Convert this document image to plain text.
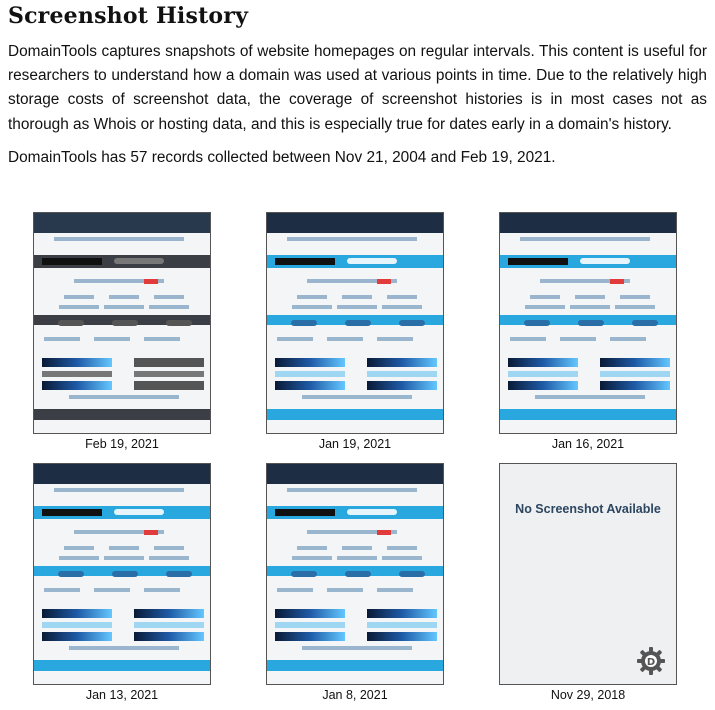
Screenshot History

DomainTools captures snapshots of website homepages on regular intervals. This content is useful for researchers to understand how a domain was used at various points in time. Due to the relatively high storage costs of screenshot data, the coverage of screenshot histories is in most cases not as thorough as Whois or hosting data, and this is especially true for dates early in a domain's history.

DomainTools has 57 records collected between Nov 21, 2004 and Feb 19, 2021.

Feb 19, 2021	Jan 19, 2021	Jan 16, 2021
Jan 13, 2021	Jan 8, 2021
No Screenshot Available
D
Nov 29, 2018
